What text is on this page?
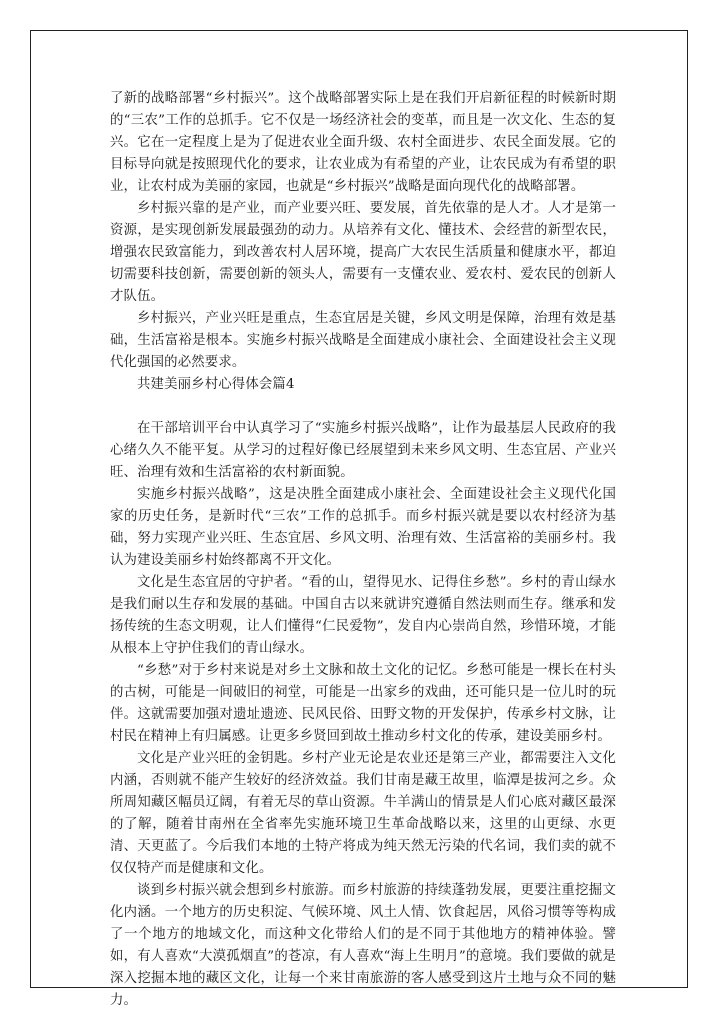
了新的战略部署“乡村振兴”。这个战略部署实际上是在我们开启新征程的时候新时期的“三农”工作的总抓手。它不仅是一场经济社会的变革，而且是一次文化、生态的复兴。它在一定程度上是为了促进农业全面升级、农村全面进步、农民全面发展。它的目标导向就是按照现代化的要求，让农业成为有希望的产业，让农民成为有希望的职业，让农村成为美丽的家园，也就是“乡村振兴”战略是面向现代化的战略部署。

乡村振兴靠的是产业，而产业要兴旺、要发展，首先依靠的是人才。人才是第一资源，是实现创新发展最强劲的动力。从培养有文化、懂技术、会经营的新型农民，增强农民致富能力，到改善农村人居环境，提高广大农民生活质量和健康水平，都迫切需要科技创新，需要创新的领头人，需要有一支懂农业、爱农村、爱农民的创新人才队伍。

乡村振兴，产业兴旺是重点，生态宜居是关键，乡风文明是保障，治理有效是基础，生活富裕是根本。实施乡村振兴战略是全面建成小康社会、全面建设社会主义现代化强国的必然要求。

共建美丽乡村心得体会篇4

在干部培训平台中认真学习了“实施乡村振兴战略”，让作为最基层人民政府的我心绪久久不能平复。从学习的过程好像已经展望到未来乡风文明、生态宜居、产业兴旺、治理有效和生活富裕的农村新面貌。

实施乡村振兴战略”，这是决胜全面建成小康社会、全面建设社会主义现代化国家的历史任务，是新时代“三农”工作的总抓手。而乡村振兴就是要以农村经济为基础，努力实现产业兴旺、生态宜居、乡风文明、治理有效、生活富裕的美丽乡村。我认为建设美丽乡村始终都离不开文化。

文化是生态宜居的守护者。“看的山，望得见水、记得住乡愁”。乡村的青山绿水是我们耐以生存和发展的基础。中国自古以来就讲究遵循自然法则而生存。继承和发扬传统的生态文明观，让人们懂得“仁民爱物”，发自内心崇尚自然，珍惜环境，才能从根本上守护住我们的青山绿水。

“乡愁”对于乡村来说是对乡土文脉和故土文化的记忆。乡愁可能是一棵长在村头的古树，可能是一间破旧的祠堂，可能是一出家乡的戏曲，还可能只是一位儿时的玩伴。这就需要加强对遗址遗迹、民风民俗、田野文物的开发保护，传承乡村文脉，让村民在精神上有归属感。让更多乡贤回到故土推动乡村文化的传承，建设美丽乡村。

文化是产业兴旺的金钥匙。乡村产业无论是农业还是第三产业，都需要注入文化内涵，否则就不能产生较好的经济效益。我们甘南是藏王故里，临潭是拔河之乡。众所周知藏区幅员辽阔，有着无尽的草山资源。牛羊满山的情景是人们心底对藏区最深的了解，随着甘南州在全省率先实施环境卫生革命战略以来，这里的山更绿、水更清、天更蓝了。今后我们本地的土特产将成为纯天然无污染的代名词，我们卖的就不仅仅特产而是健康和文化。

谈到乡村振兴就会想到乡村旅游。而乡村旅游的持续蓬勃发展，更要注重挖掘文化内涵。一个地方的历史积淀、气候环境、风土人情、饮食起居，风俗习惯等等构成了一个地方的地域文化，而这种文化带给人们的是不同于其他地方的精神体验。譬如，有人喜欢“大漠孤烟直”的苍凉，有人喜欢“海上生明月”的意境。我们要做的就是深入挖掘本地的藏区文化，让每一个来甘南旅游的客人感受到这片土地与众不同的魅力。
